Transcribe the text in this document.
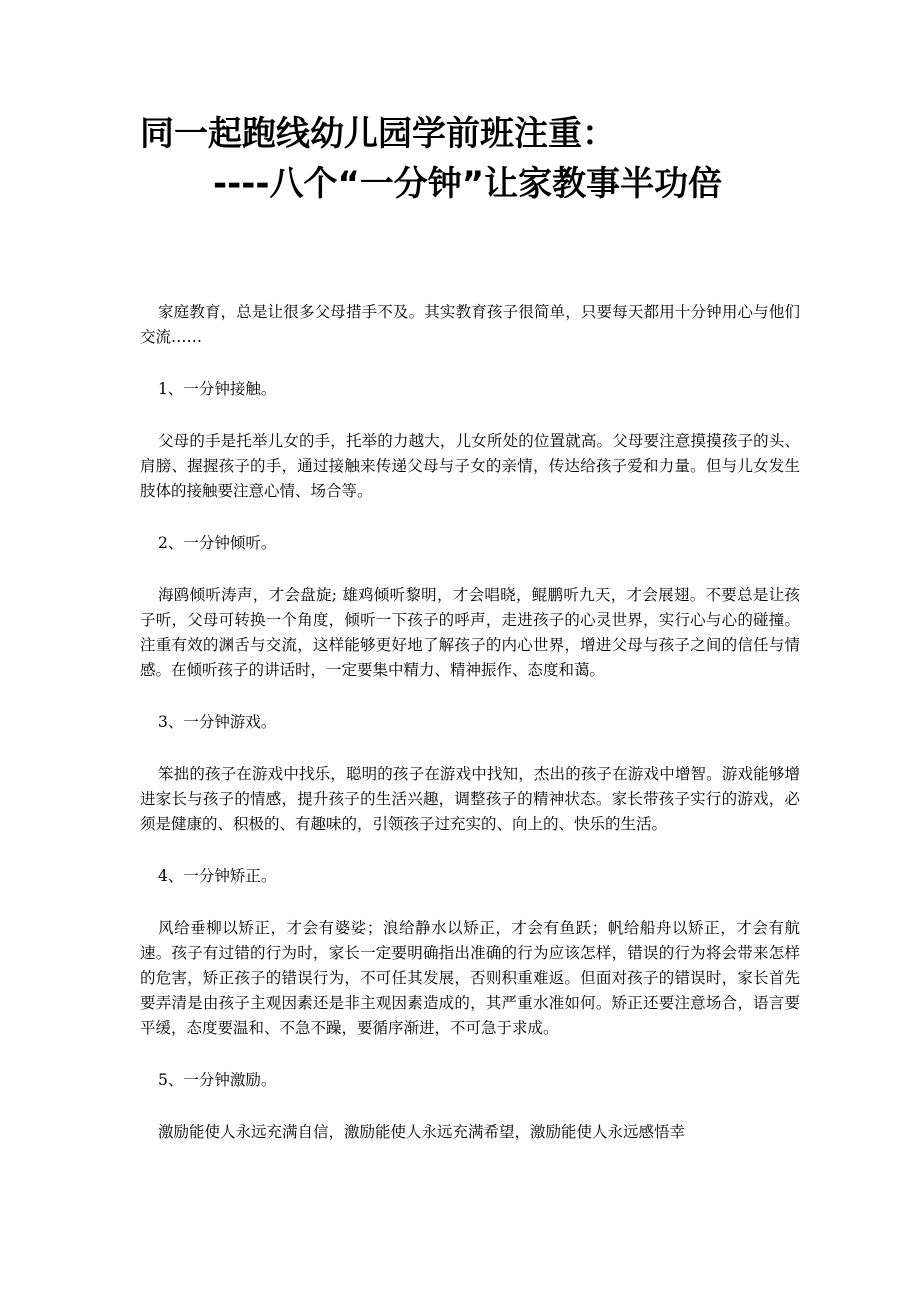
同一起跑线幼儿园学前班注重：
----八个“一分钟”让家教事半功倍

家庭教育，总是让很多父母措手不及。其实教育孩子很简单，只要每天都用十分钟用心与他们交流……

1、一分钟接触。

父母的手是托举儿女的手，托举的力越大，儿女所处的位置就高。父母要注意摸摸孩子的头、肩膀、握握孩子的手，通过接触来传递父母与子女的亲情，传达给孩子爱和力量。但与儿女发生肢体的接触要注意心情、场合等。

2、一分钟倾听。

海鸥倾听涛声，才会盘旋; 雄鸡倾听黎明，才会唱晓，鲲鹏听九天，才会展翅。不要总是让孩子听，父母可转换一个角度，倾听一下孩子的呼声，走进孩子的心灵世界，实行心与心的碰撞。注重有效的渊舌与交流，这样能够更好地了解孩子的内心世界，增进父母与孩子之间的信任与情感。在倾听孩子的讲话时，一定要集中精力、精神振作、态度和蔼。

3、一分钟游戏。

笨拙的孩子在游戏中找乐，聪明的孩子在游戏中找知，杰出的孩子在游戏中增智。游戏能够增进家长与孩子的情感，提升孩子的生活兴趣，调整孩子的精神状态。家长带孩子实行的游戏，必须是健康的、积极的、有趣味的，引领孩子过充实的、向上的、快乐的生活。

4、一分钟矫正。

风给垂柳以矫正，才会有婆娑；浪给静水以矫正，才会有鱼跃；帆给船舟以矫正，才会有航速。孩子有过错的行为时，家长一定要明确指出准确的行为应该怎样，错误的行为将会带来怎样的危害，矫正孩子的错误行为，不可任其发展，否则积重难返。但面对孩子的错误时，家长首先要弄清是由孩子主观因素还是非主观因素造成的，其严重水准如何。矫正还要注意场合，语言要平缓，态度要温和、不急不躁，要循序渐进，不可急于求成。

5、一分钟激励。

激励能使人永远充满自信，激励能使人永远充满希望，激励能使人永远感悟幸
